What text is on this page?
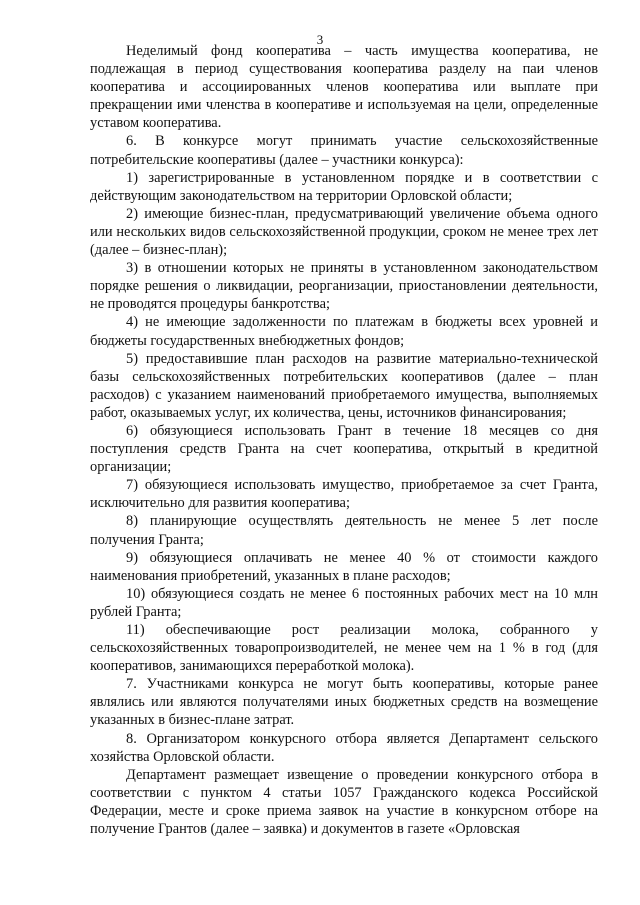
3

Неделимый фонд кооператива – часть имущества кооператива, не подлежащая в период существования кооператива разделу на паи членов кооператива и ассоциированных членов кооператива или выплате при прекращении ими членства в кооперативе и используемая на цели, определенные уставом кооператива.

6. В конкурсе могут принимать участие сельскохозяйственные потребительские кооперативы (далее – участники конкурса):

1) зарегистрированные в установленном порядке и в соответствии с действующим законодательством на территории Орловской области;

2) имеющие бизнес-план, предусматривающий увеличение объема одного или нескольких видов сельскохозяйственной продукции, сроком не менее трех лет (далее – бизнес-план);

3) в отношении которых не приняты в установленном законодательством порядке решения о ликвидации, реорганизации, приостановлении деятельности, не проводятся процедуры банкротства;

4) не имеющие задолженности по платежам в бюджеты всех уровней и бюджеты государственных внебюджетных фондов;

5) предоставившие план расходов на развитие материально-технической базы сельскохозяйственных потребительских кооперативов (далее – план расходов) с указанием наименований приобретаемого имущества, выполняемых работ, оказываемых услуг, их количества, цены, источников финансирования;

6) обязующиеся использовать Грант в течение 18 месяцев со дня поступления средств Гранта на счет кооператива, открытый в кредитной организации;

7) обязующиеся использовать имущество, приобретаемое за счет Гранта, исключительно для развития кооператива;

8) планирующие осуществлять деятельность не менее 5 лет после получения Гранта;

9) обязующиеся оплачивать не менее 40 % от стоимости каждого наименования приобретений, указанных в плане расходов;

10) обязующиеся создать не менее 6 постоянных рабочих мест на 10 млн рублей Гранта;

11) обеспечивающие рост реализации молока, собранного у сельскохозяйственных товаропроизводителей, не менее чем на 1 % в год (для кооперативов, занимающихся переработкой молока).

7. Участниками конкурса не могут быть кооперативы, которые ранее являлись или являются получателями иных бюджетных средств на возмещение указанных в бизнес-плане затрат.

8. Организатором конкурсного отбора является Департамент сельского хозяйства Орловской области.

Департамент размещает извещение о проведении конкурсного отбора в соответствии с пунктом 4 статьи 1057 Гражданского кодекса Российской Федерации, месте и сроке приема заявок на участие в конкурсном отборе на получение Грантов (далее – заявка) и документов в газете «Орловская
